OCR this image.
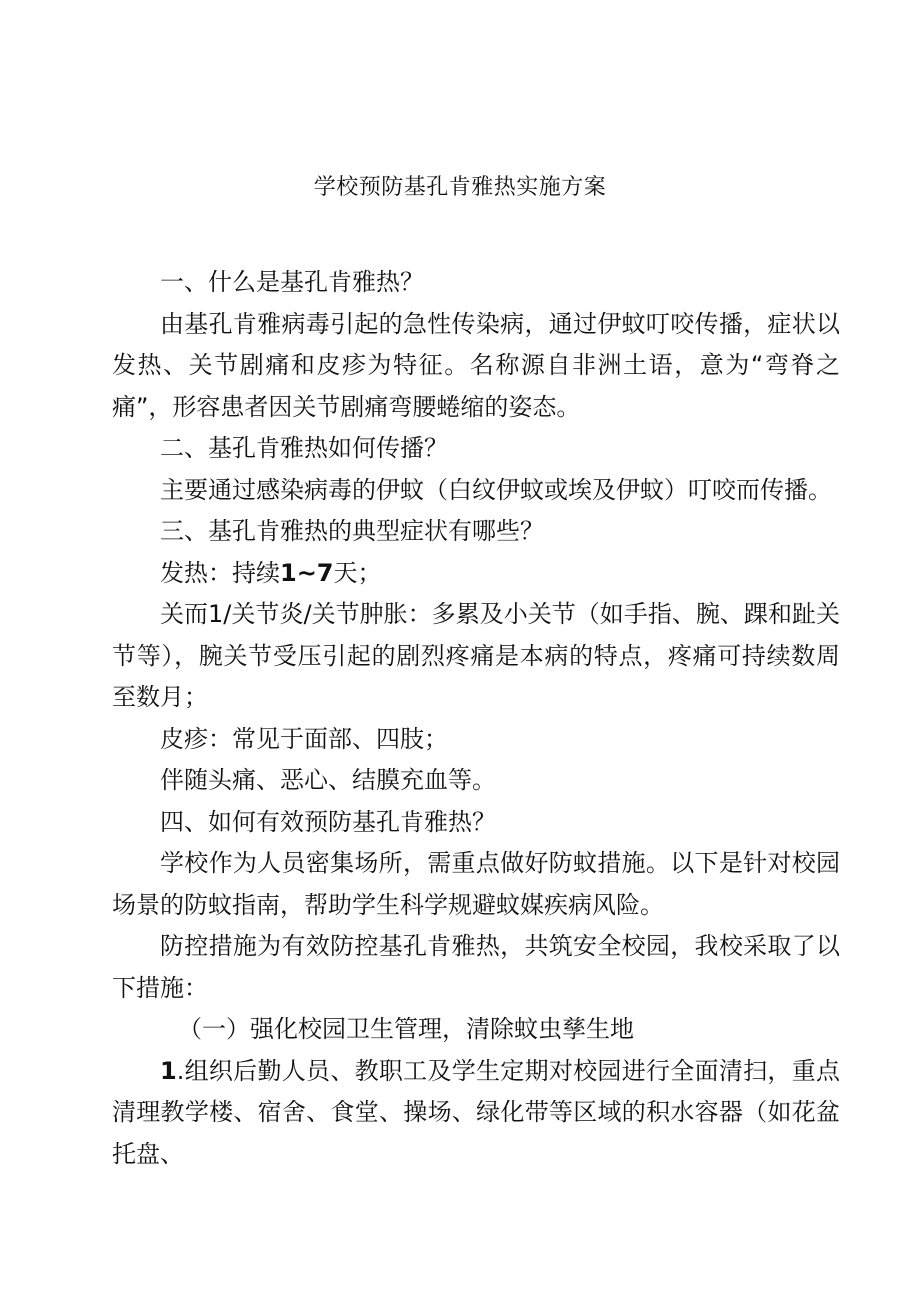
学校预防基孔肯雅热实施方案

一、什么是基孔肯雅热？

由基孔肯雅病毒引起的急性传染病，通过伊蚊叮咬传播，症状以发热、关节剧痛和皮疹为特征。名称源自非洲土语，意为“弯脊之痛”，形容患者因关节剧痛弯腰蜷缩的姿态。

二、基孔肯雅热如何传播？

主要通过感染病毒的伊蚊（白纹伊蚊或埃及伊蚊）叮咬而传播。

三、基孔肯雅热的典型症状有哪些？

发热：持续1~7天；

关而1/关节炎/关节肿胀：多累及小关节（如手指、腕、踝和趾关节等），腕关节受压引起的剧烈疼痛是本病的特点，疼痛可持续数周至数月；

皮疹：常见于面部、四肢；

伴随头痛、恶心、结膜充血等。

四、如何有效预防基孔肯雅热？

学校作为人员密集场所，需重点做好防蚊措施。以下是针对校园场景的防蚊指南，帮助学生科学规避蚊媒疾病风险。

防控措施为有效防控基孔肯雅热，共筑安全校园，我校采取了以下措施：

（一）强化校园卫生管理，清除蚊虫孳生地

1.组织后勤人员、教职工及学生定期对校园进行全面清扫，重点清理教学楼、宿舍、食堂、操场、绿化带等区域的积水容器（如花盆托盘、
